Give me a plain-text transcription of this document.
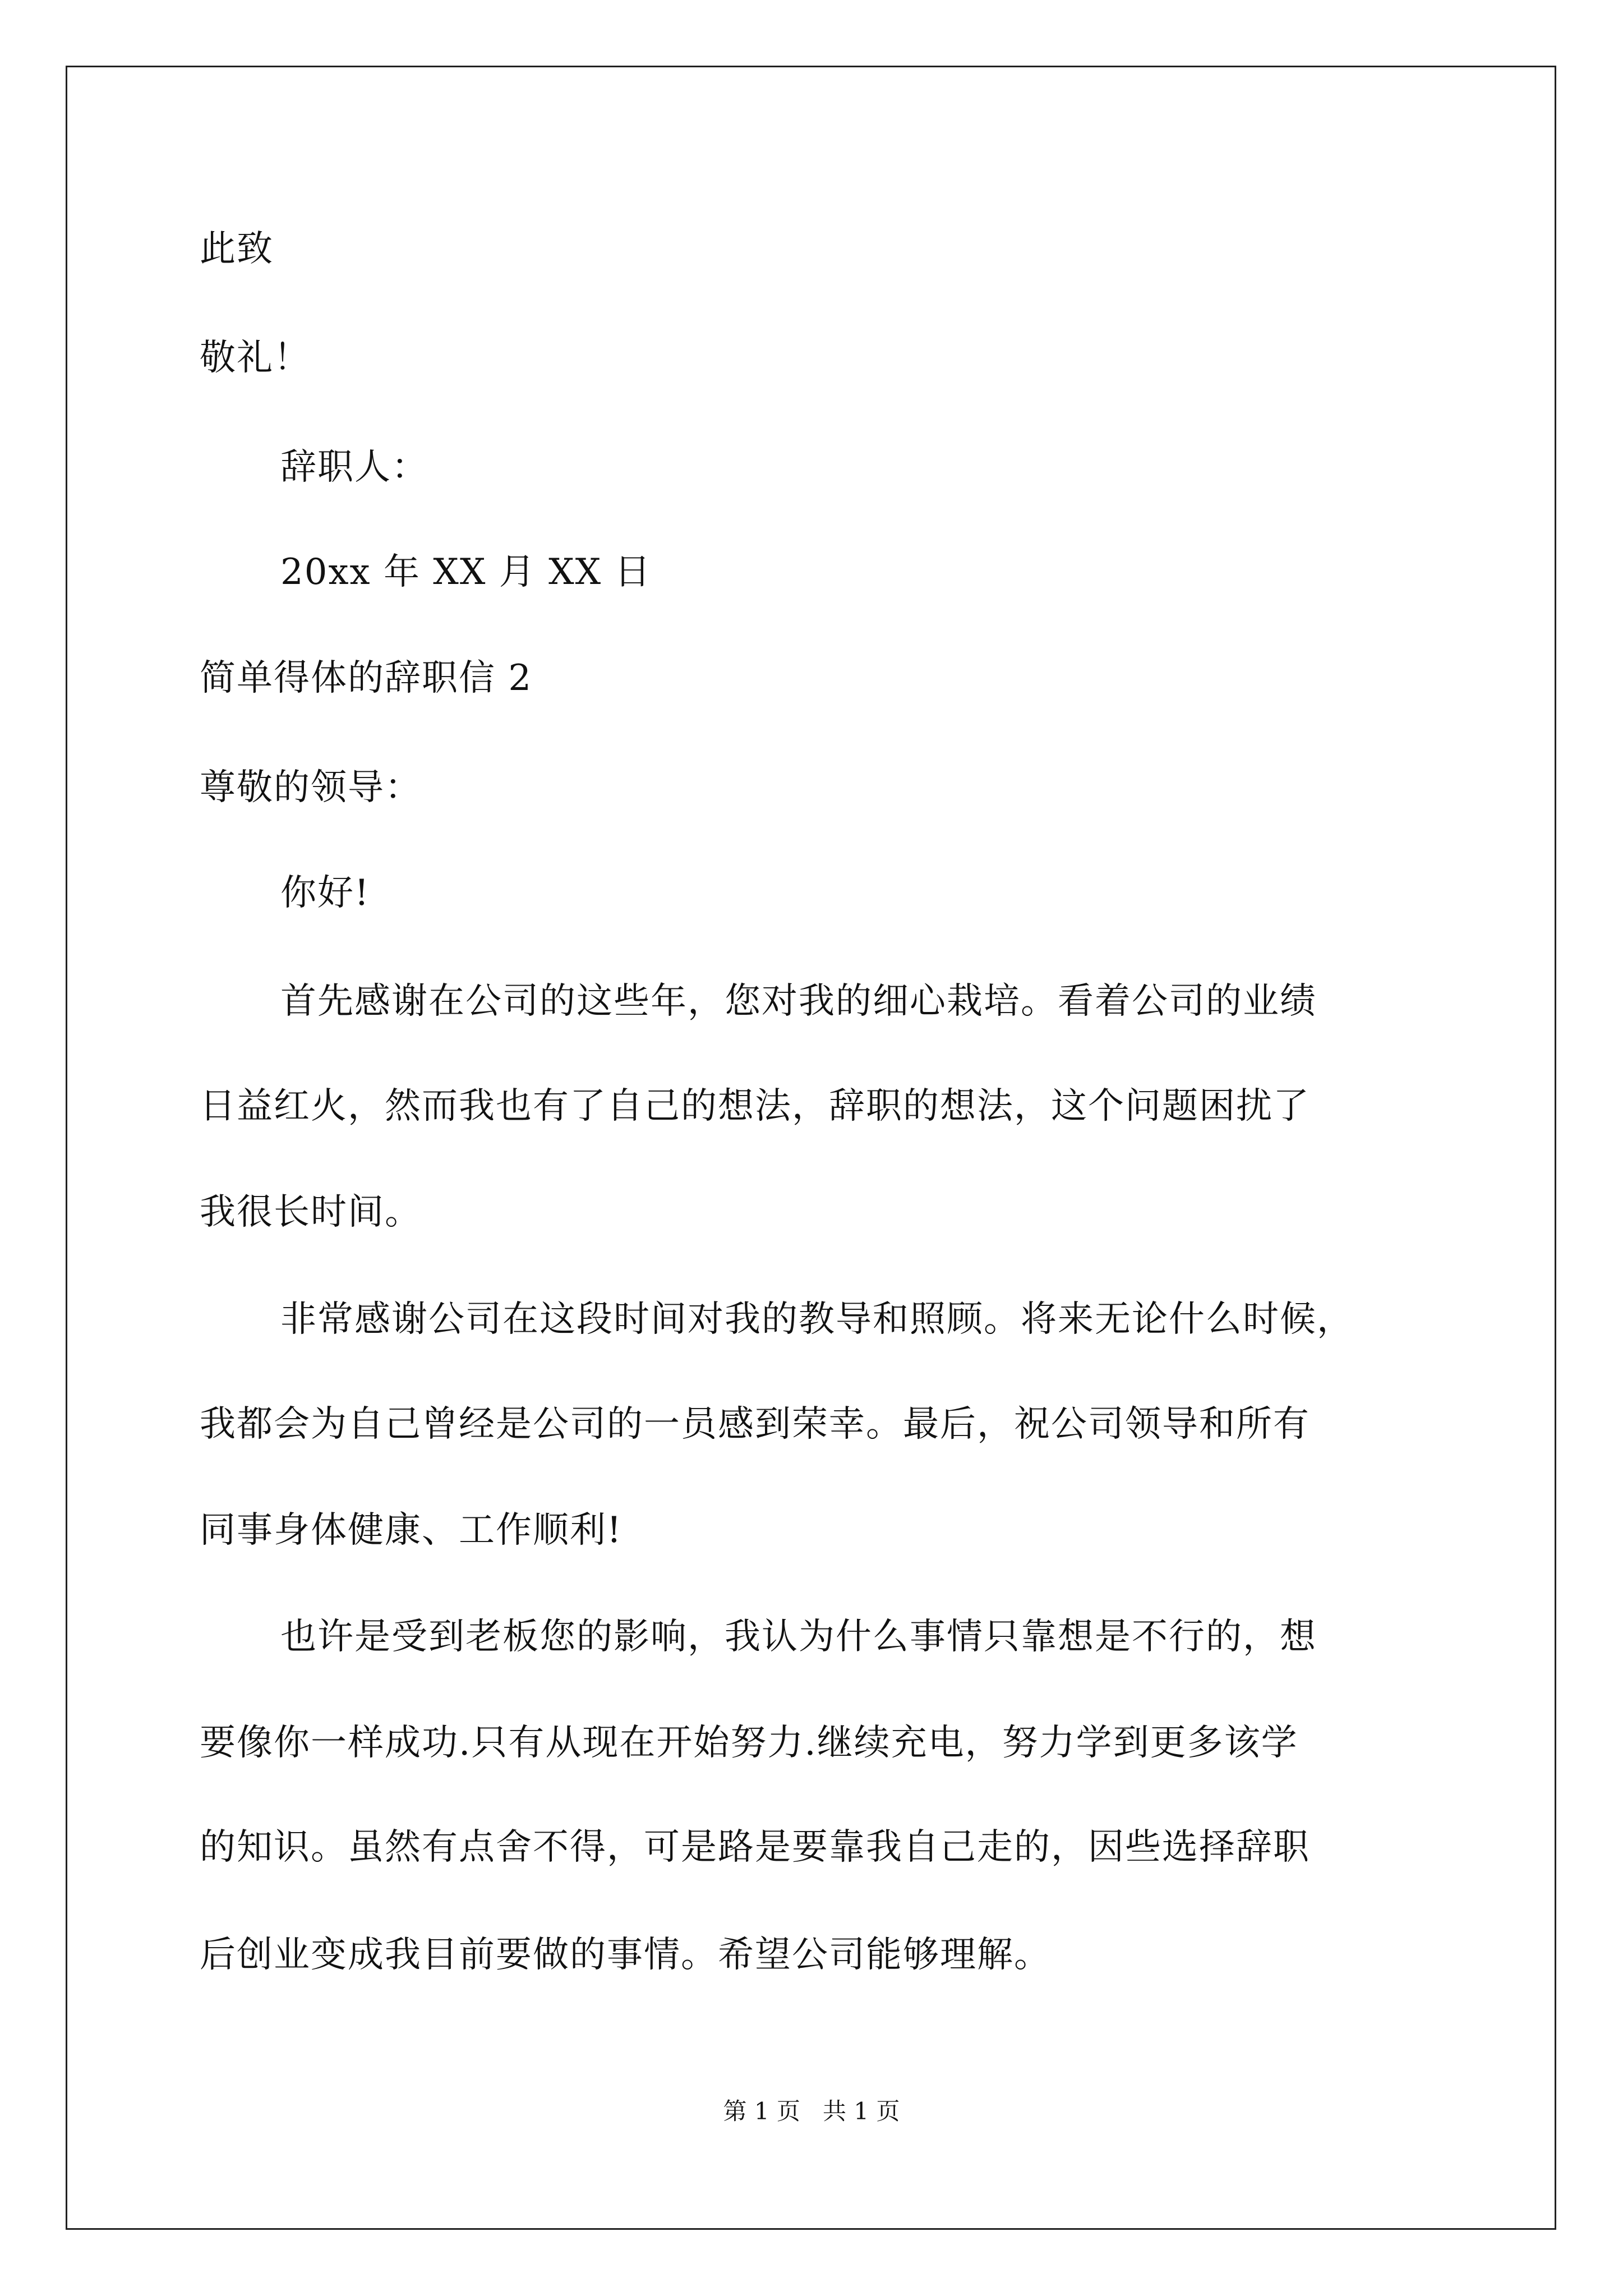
此致
敬礼！
辞职人：
20xx 年 XX 月 XX 日
简单得体的辞职信 2
尊敬的领导：
你好!
首先感谢在公司的这些年，您对我的细心栽培。看着公司的业绩
日益红火，然而我也有了自己的想法，辞职的想法，这个问题困扰了
我很长时间。
非常感谢公司在这段时间对我的教导和照顾。将来无论什么时候，
我都会为自己曾经是公司的一员感到荣幸。最后，祝公司领导和所有
同事身体健康、工作顺利!
也许是受到老板您的影响，我认为什么事情只靠想是不行的，想
要像你一样成功.只有从现在开始努力.继续充电，努力学到更多该学
的知识。虽然有点舍不得，可是路是要靠我自己走的，因些选择辞职
后创业变成我目前要做的事情。希望公司能够理解。
第 1 页   共 1 页
